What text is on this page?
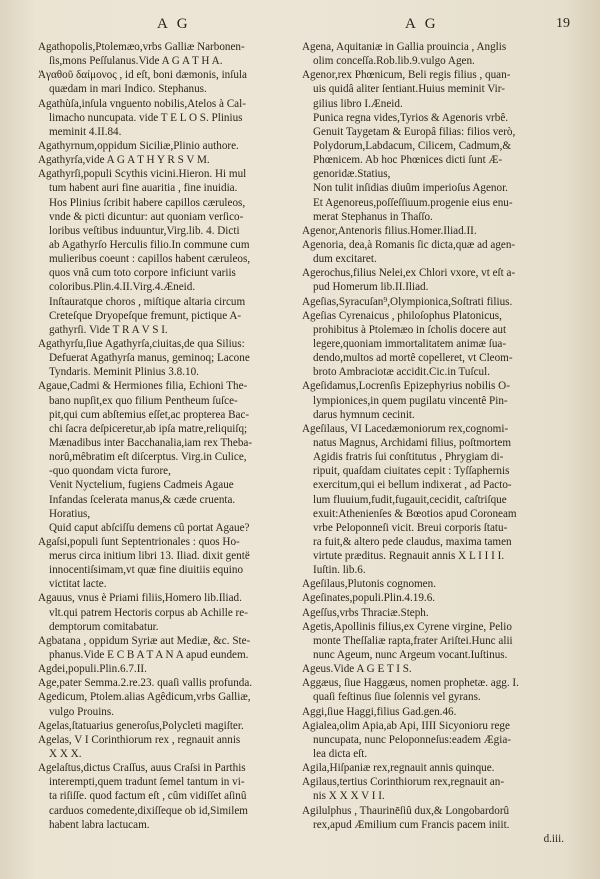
A G	A G	19
Agathopolis,Ptolemæo,vrbs Galliæ Narbonen-
ſis,mons Peſſulanus.Vide A G A T H A.
Ἀγαθοῦ δαίμονος , id eſt, boni dæmonis, inſula
quædam in mari Indico. Stephanus.
Agathùſa,inſula vnguento nobilis,Atelos à Cal-
limacho nuncupata. vide T E L O S. Plinius
meminit 4.II.84.
Agathyrnum,oppidum Siciliæ,Plinio authore.
Agathyrſa,vide A G A T H Y R S V M.
Agathyrſi,populi Scythis vicini.Hieron. Hi mul
tum habent auri fine auaritia , fine inuidia.
Hos Plinius ſcribit habere capillos cæruleos,
vnde & picti dicuntur: aut quoniam verſico-
loribus veſtibus induuntur,Virg.lib. 4. Dicti
ab Agathyrſo Herculis filio.In commune cum
mulieribus coeunt : capillos habent cæruleos,
quos vnâ cum toto corpore inficiunt variis
coloribus.Plin.4.II.Virg.4.Æneid.
Inſtauratque choros , miſtique altaria circum
Creteſque Dryopeſque fremunt, pictique A-
gathyrſi. Vide T R A V S I.
Agathyrſu,ſiue Agathyrſa,ciuitas,de qua Silius:
Defuerat Agathyrſa manus, geminoq; Lacone
Tyndaris. Meminit Plinius 3.8.10.
Agaue,Cadmi & Hermiones filia, Echioni The-
bano nupſit,ex quo filium Pentheum ſuſce-
pit,qui cum abſtemius eſſet,ac propterea Bac-
chi ſacra deſpiceretur,ab ipſa matre,reliquiſq;
Mænadibus inter Bacchanalia,iam rex Theba-
norû,mêbratim eſt diſcerptus. Virg.in Culice,
-quo quondam victa furore,
Venit Nyctelium, fugiens Cadmeis Agaue
Infandas ſcelerata manus,& cæde cruenta.
Horatius,
Quid caput abſciſſu demens cû portat Agaue?
Agaſsi,populi ſunt Septentrionales : quos Ho-
merus circa initium libri 13. Iliad. dixit gentë
innocentiſsimam,vt quæ fine diuitiis equino
victitat lacte.
Agauus, vnus è Priami filiis,Homero lib.Iliad.
vlt.qui patrem Hectoris corpus ab Achille re-
demptorum comitabatur.
Agbatana , oppidum Syriæ aut Mediæ, &c. Ste-
phanus.Vide E C B A T A N A apud eundem.
Agdei,populi.Plin.6.7.II.
Age,pater Semma.2.re.23. quaſi vallis profunda.
Agedicum, Ptolem.alias Agêdicum,vrbs Galliæ,
vulgo Prouins.
Agelas,ſtatuarius generoſus,Polycleti magiſter.
Agelas, V I Corinthiorum rex , regnauit annis
X X X.
Agelaſtus,dictus Craſſus, auus Craſsi in Parthis
interempti,quem tradunt ſemel tantum in vi-
ta riſiſſe. quod factum eſt , cûm vidiſſet aſinû
carduos comedente,dixiſſeque ob id,Similem
habent labra lactucam.
Agena, Aquitaniæ in Gallia prouincia , Anglis
olim conceſſa.Rob.lib.9.vulgo Agen.
Agenor,rex Phœnicum, Beli regis filius , quan-
uis quidâ aliter ſentiant.Huius meminit Vir-
gilius libro I.Æneid.
Punica regna vides,Tyrios & Agenoris vrbê.
Genuit Taygetam & Europâ filias: filios verò,
Polydorum,Labdacum, Cilicem, Cadmum,&
Phœnicem. Ab hoc Phœnices dicti ſunt Æ-
genoridæ.Statius,
Non tulit inſidias diuûm imperioſus Agenor.
Et Agenoreus,poſſeſſiuum.progenie eius enu-
merat Stephanus in Thaſſo.
Agenor,Antenoris filius.Homer.Iliad.II.
Agenoria, dea,à Romanis ſic dicta,quæ ad agen-
dum excitaret.
Agerochus,filius Nelei,ex Chlori vxore, vt eſt a-
pud Homerum lib.II.Iliad.
Ageſias,Syracuſan⁹,Olympionica,Soſtrati filius.
Ageſias Cyrenaicus , philoſophus Platonicus,
prohibitus à Ptolemæo in ſcholis docere aut
legere,quoniam immortalitatem animæ ſua-
dendo,multos ad mortê copelleret, vt Cleom-
broto Ambraciotæ accidit.Cic.in Tuſcul.
Ageſidamus,Locrenſis Epizephyrius nobilis O-
lympionices,in quem pugilatu vincentê Pin-
darus hymnum cecinit.
Ageſilaus, VI Lacedæmoniorum rex,cognomi-
natus Magnus, Archidami filius, poſtmortem
Agidis fratris ſui conſtitutus , Phrygiam di-
ripuit, quaſdam ciuitates cepit : Tyſſaphernis
exercitum,qui ei bellum indixerat , ad Pacto-
lum fluuium,fudit,fugauit,cecidit, caſtriſque
exuit:Athenienſes & Bœotios apud Coroneam
vrbe Peloponneſi vicit. Breui corporis ſtatu-
ra fuit,& altero pede claudus, maxima tamen
virtute præditus. Regnauit annis X L I I I I.
Iuſtin. lib.6.
Ageſilaus,Plutonis cognomen.
Ageſinates,populi.Plin.4.19.6.
Ageſſus,vrbs Thraciæ.Steph.
Agetis,Apollinis filius,ex Cyrene virgine, Pelio
monte Theſſaliæ rapta,frater Ariſtei.Hunc alii
nunc Ageum, nunc Argeum vocant.Iuſtinus.
Ageus.Vide A G E T I S.
Aggæus, ſiue Haggæus, nomen prophetæ. agg. I.
quaſi feſtinus ſiue ſolennis vel gyrans.
Aggi,ſiue Haggi,filius Gad.gen.46.
Agialea,olim Apia,ab Api, IIII Sicyonioru rege
nuncupata, nunc Peloponneſus:eadem Ægia-
lea dicta eſt.
Agila,Hiſpaniæ rex,regnauit annis quinque.
Agilaus,tertius Corinthiorum rex,regnauit an-
nis X X X V I I.
Agilulphus , Thaurinēſiû dux,& Longobardorû
rex,apud Æmilium cum Francis pacem iniit.
d.iii.
